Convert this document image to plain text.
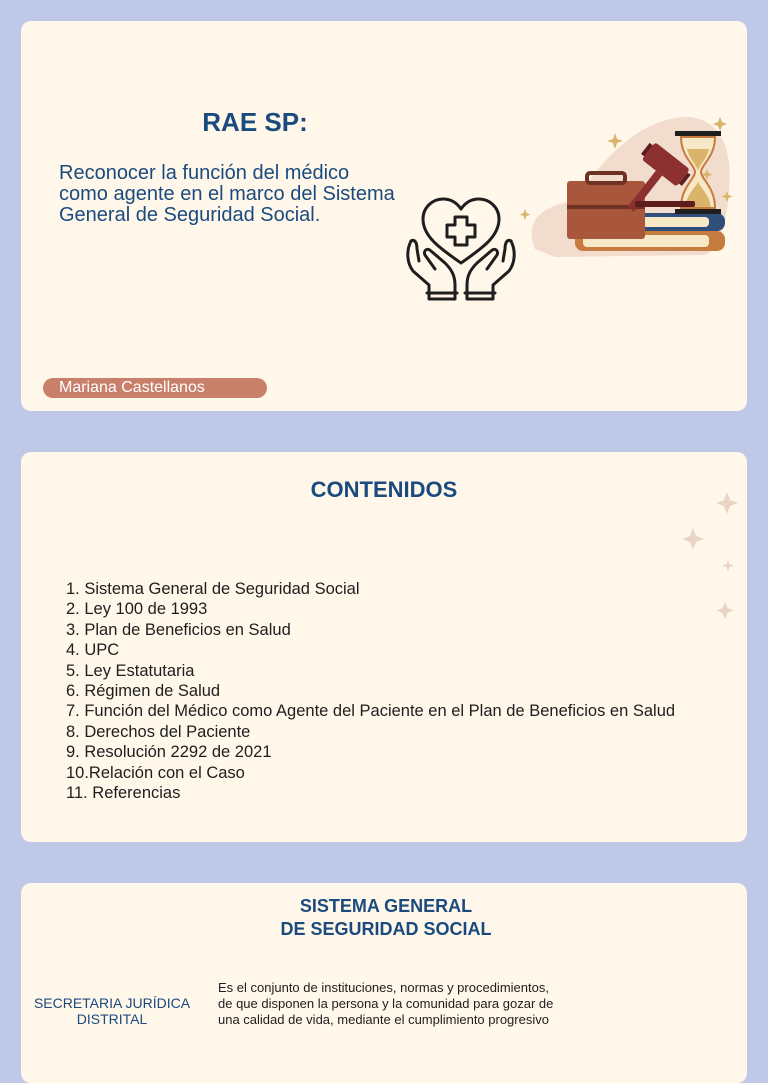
RAE SP:
Reconocer la función del médico como agente en el marco del Sistema General de Seguridad Social.
Mariana Castellanos
CONTENIDOS
1. Sistema General de Seguridad Social
2. Ley 100 de 1993
3. Plan de Beneficios en Salud
4. UPC
5. Ley Estatutaria
6. Régimen de Salud
7. Función del Médico como Agente del Paciente en el Plan de Beneficios en Salud
8. Derechos del Paciente
9. Resolución 2292 de 2021
10.Relación con el Caso
11. Referencias
SISTEMA GENERAL
DE SEGURIDAD SOCIAL
SECRETARIA JURÍDICA
DISTRITAL
Es el conjunto de instituciones, normas y procedimientos,
de que disponen la persona y la comunidad para gozar de
una calidad de vida, mediante el cumplimiento progresivo
